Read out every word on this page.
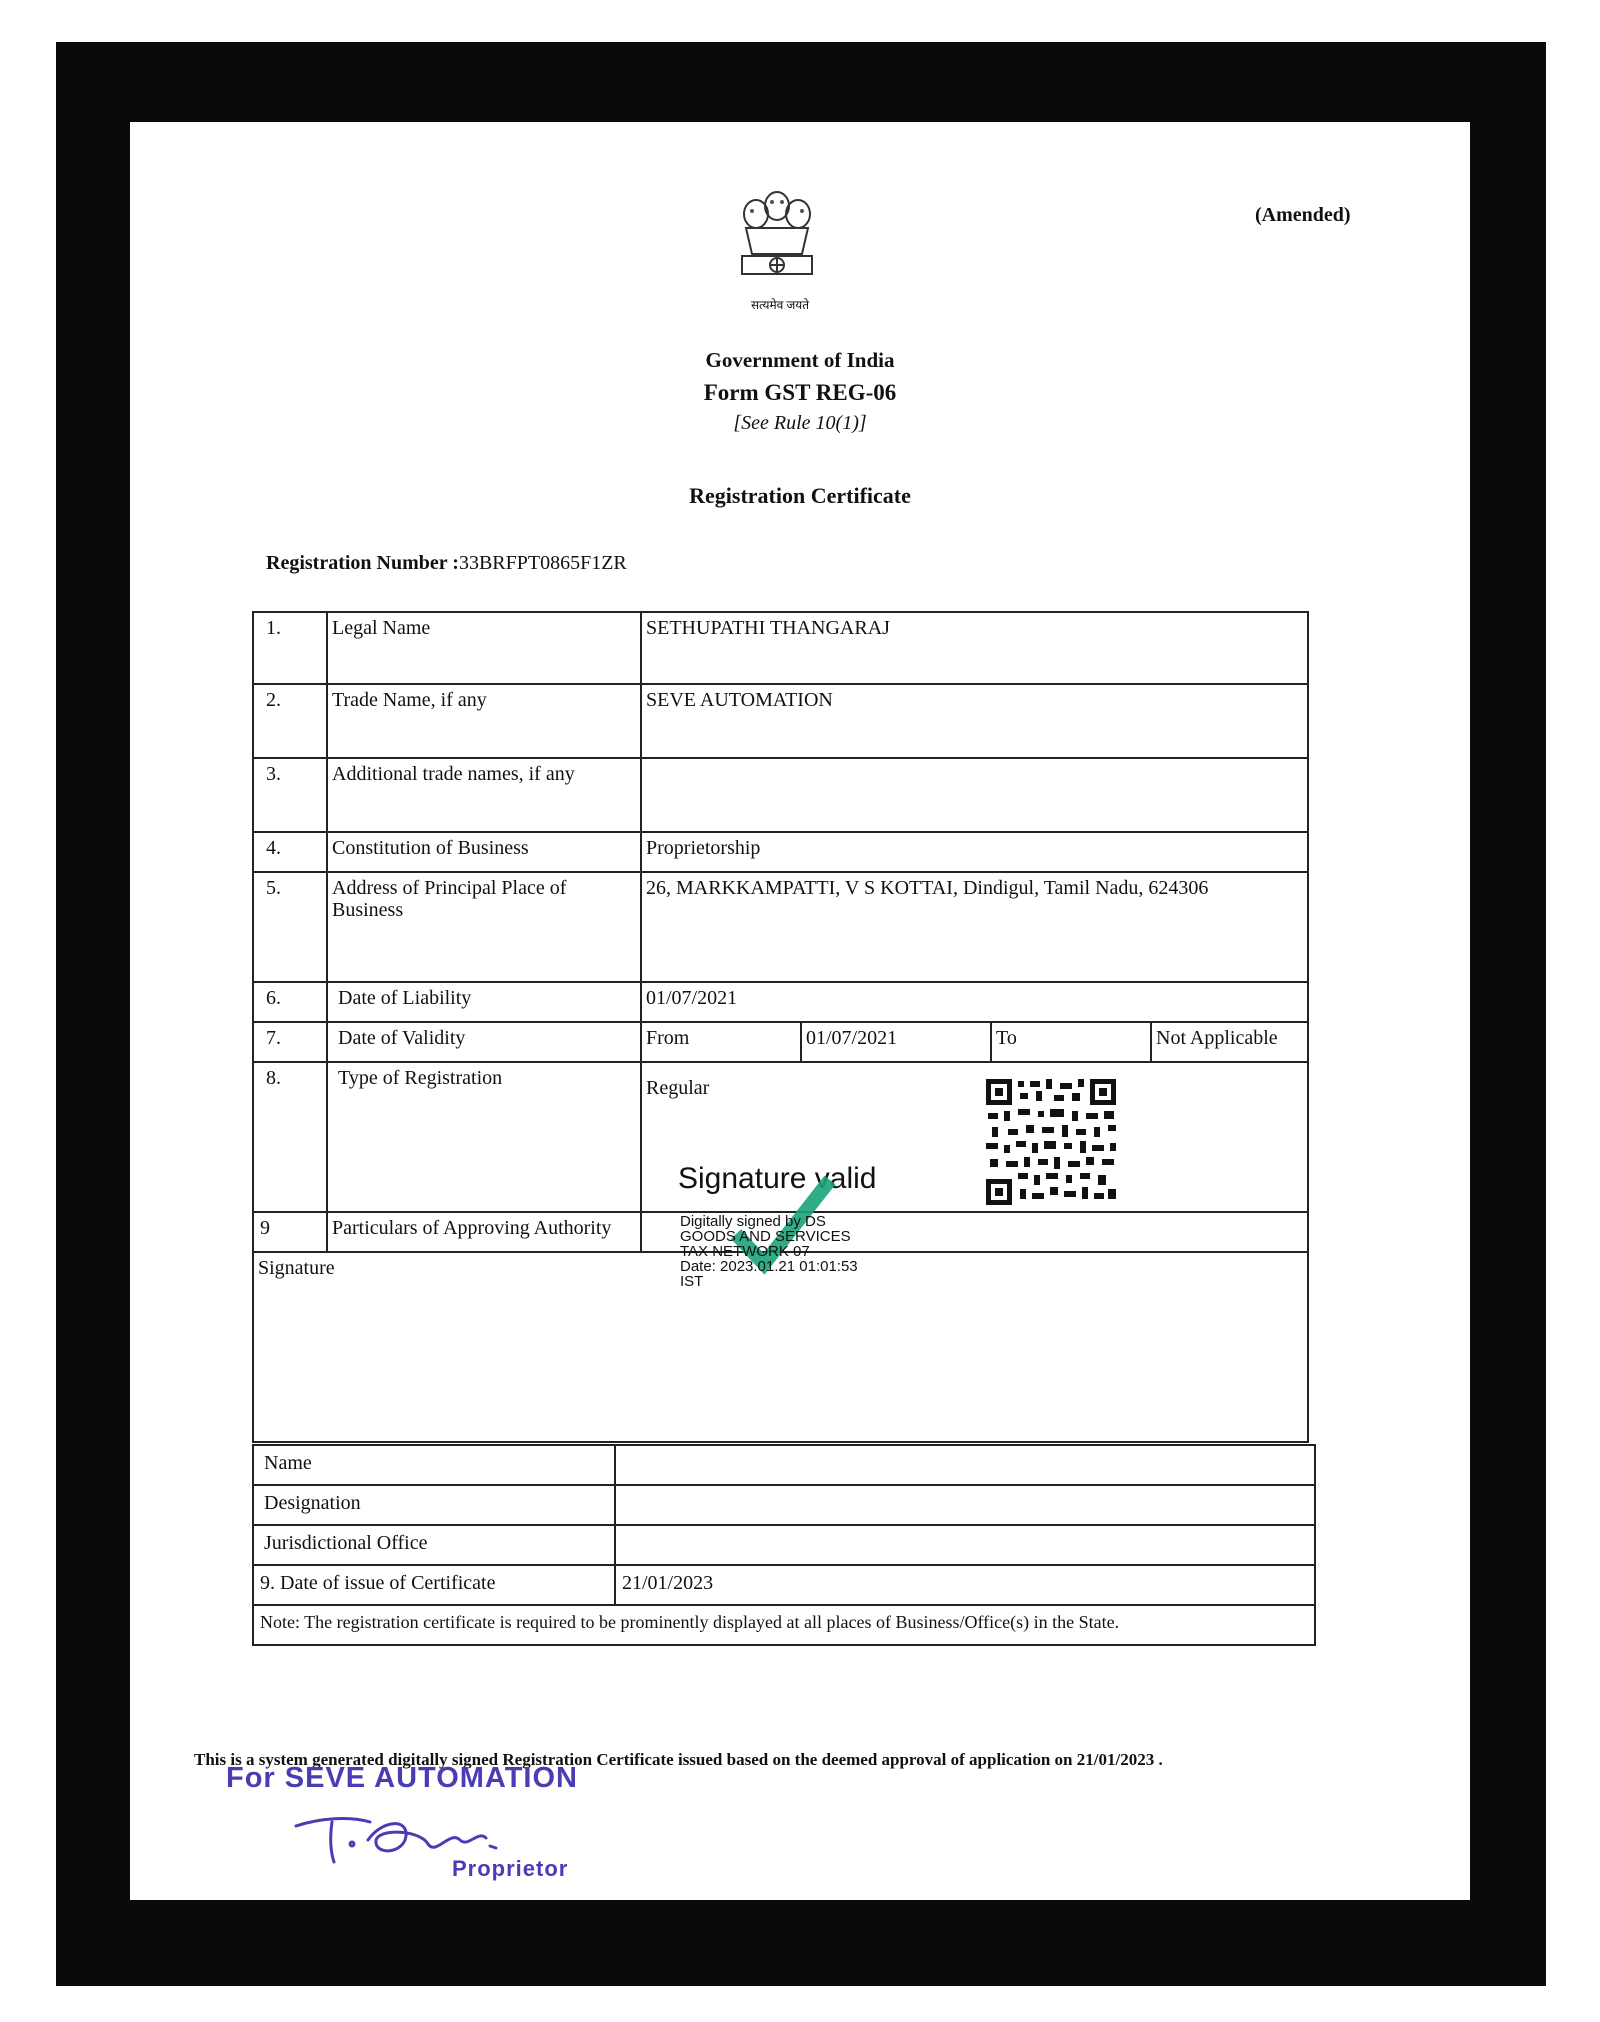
(Amended)
सत्यमेव जयते
Government of India
Form GST REG-06
[See Rule 10(1)]
Registration Certificate
Registration Number :33BRFPT0865F1ZR
1.	Legal Name	SETHUPATHI THANGARAJ			
2.	Trade Name, if any	SEVE AUTOMATION			
3.	Additional trade names, if any				
4.	Constitution of Business	Proprietorship			
5.	Address of Principal Place of Business	26, MARKKAMPATTI, V S KOTTAI, Dindigul, Tamil Nadu, 624306			
6.	Date of Liability	01/07/2021			
7.	Date of Validity	From	01/07/2021	To	Not Applicable
8.	Type of Registration	Regular			
9	Particulars of Approving Authority				
Signature					
Name	
Designation	
Jurisdictional Office	
9. Date of issue of Certificate	21/01/2023
Note: The registration certificate is required to be prominently displayed at all places of Business/Office(s) in the State.	
Signature valid
Digitally signed by DS
GOODS AND SERVICES
TAX NETWORK 07
Date: 2023.01.21 01:01:53
IST
This is a system generated digitally signed Registration Certificate issued based on the deemed approval of application on 21/01/2023 .
For SEVE AUTOMATION
Proprietor
